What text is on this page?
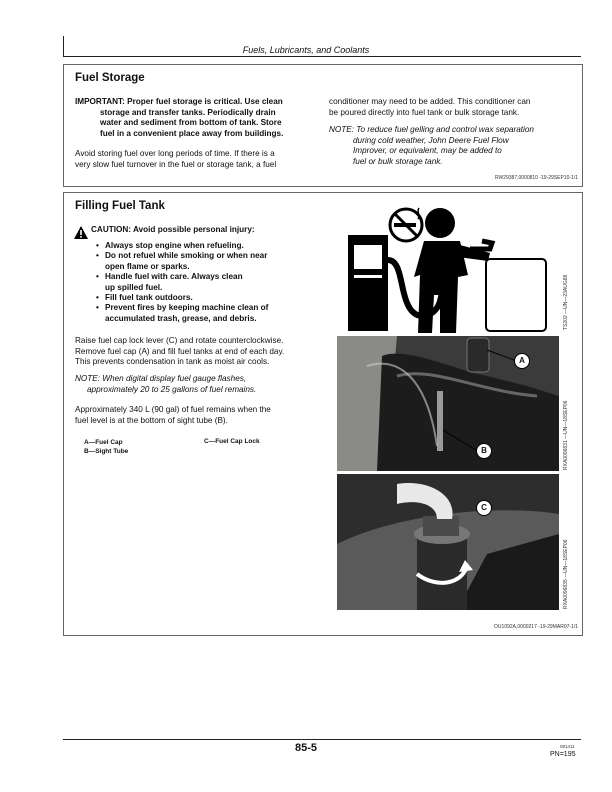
Fuels, Lubricants, and Coolants
Fuel Storage
IMPORTANT: Proper fuel storage is critical. Use clean
storage and transfer tanks. Periodically drain
water and sediment from bottom of tank. Store
fuel in a convenient place away from buildings.
Avoid storing fuel over long periods of time. If there is a
very slow fuel turnover in the fuel or storage tank, a fuel
conditioner may need to be added. This conditioner can
be poured directly into fuel tank or bulk storage tank.
NOTE: To reduce fuel gelling and control wax separation
during cold weather, John Deere Fuel Flow
Improver, or equivalent, may be added to
fuel or bulk storage tank.
RW29387,0000810 -19-29SEP10-1/1
Filling Fuel Tank
CAUTION: Avoid possible personal injury:
• Always stop engine when refueling.
• Do not refuel while smoking or when near
open flame or sparks.
• Handle fuel with care. Always clean
up spilled fuel.
• Fill fuel tank outdoors.
• Prevent fires by keeping machine clean of
accumulated trash, grease, and debris.
Raise fuel cap lock lever (C) and rotate counterclockwise.
Remove fuel cap (A) and fill fuel tanks at end of each day.
This prevents condensation in tank as moist air cools.
NOTE: When digital display fuel gauge flashes,
approximately 20 to 25 gallons of fuel remains.
Approximately 340 L (90 gal) of fuel remains when the
fuel level is at the bottom of sight tube (B).
A—Fuel Cap
B—Sight Tube
C—Fuel Cap Lock
TS202 —UN—23AUG88
A
B	RXA0096831 —UN—18SEP06
C
RXA0096835 —UN—18SEP06
OU1092A,0000217 -19-29MAR07-1/1
85-5	081411
PN=195
